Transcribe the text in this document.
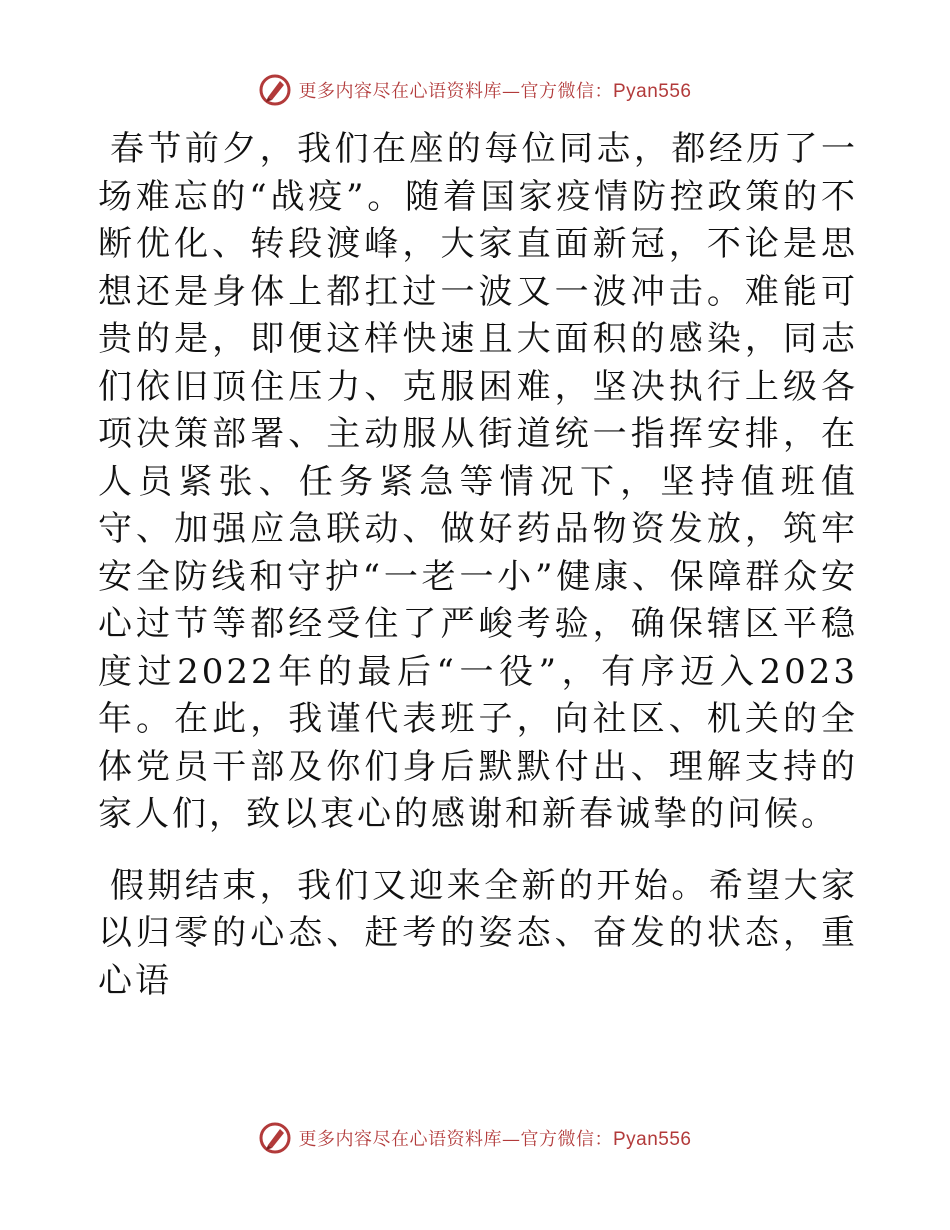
更多内容尽在心语资料库—官方微信：Pyan556

春节前夕，我们在座的每位同志，都经历了一场难忘的“战疫”。随着国家疫情防控政策的不断优化、转段渡峰，大家直面新冠，不论是思想还是身体上都扛过一波又一波冲击。难能可贵的是，即便这样快速且大面积的感染，同志们依旧顶住压力、克服困难，坚决执行上级各项决策部署、主动服从街道统一指挥安排，在人员紧张、任务紧急等情况下，坚持值班值守、加强应急联动、做好药品物资发放，筑牢安全防线和守护“一老一小”健康、保障群众安心过节等都经受住了严峻考验，确保辖区平稳度过2022年的最后“一役”，有序迈入2023年。在此，我谨代表班子，向社区、机关的全体党员干部及你们身后默默付出、理解支持的家人们，致以衷心的感谢和新春诚挚的问候。

假期结束，我们又迎来全新的开始。希望大家以归零的心态、赶考的姿态、奋发的状态，重心语

更多内容尽在心语资料库—官方微信：Pyan556
